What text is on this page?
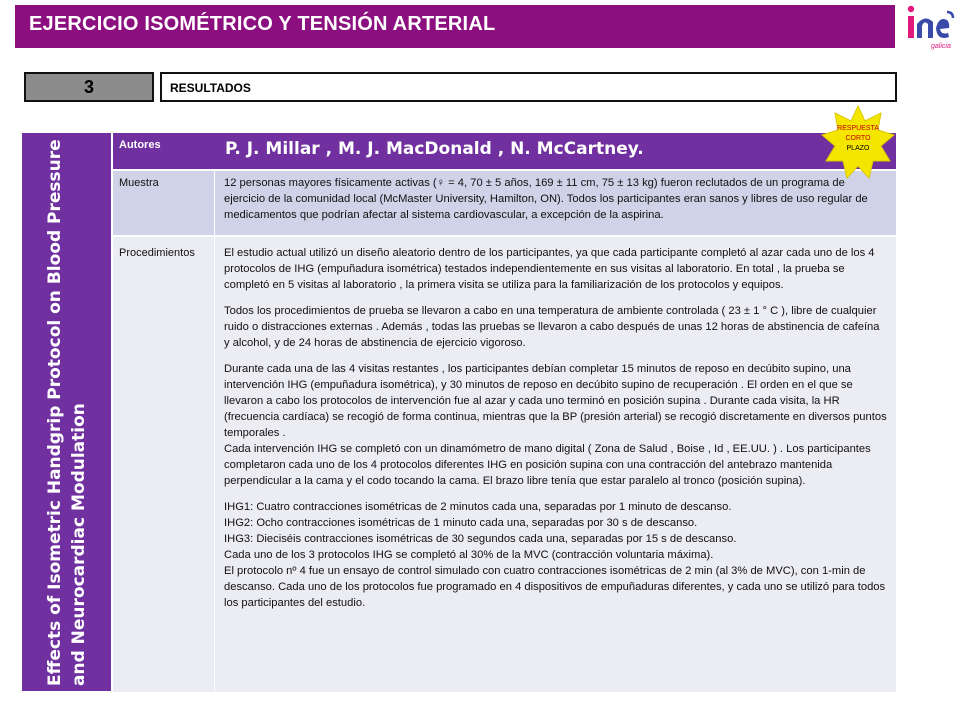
EJERCICIO ISOMÉTRICO Y TENSIÓN ARTERIAL
galicia
3	RESULTADOS
Effects of Isometric Handgrip Protocol on Blood Pressure and Neurocardiac Modulation
Autores	P. J. Millar , M. J. MacDonald , N. McCartney.
Muestra	12 personas mayores físicamente activas (♀ = 4, 70 ± 5 años, 169 ± 11 cm, 75 ± 13 kg) fueron reclutados de un programa de ejercicio de la comunidad local (McMaster University, Hamilton, ON). Todos los participantes eran sanos y libres de uso regular de medicamentos que podrían afectar al sistema cardiovascular, a excepción de la aspirina.
Procedimientos	El estudio actual utilizó un diseño aleatorio dentro de los participantes, ya que cada participante completó al azar cada uno de los 4 protocolos de IHG (empuñadura isométrica) testados independientemente en sus visitas al laboratorio. En total , la prueba se completó en 5 visitas al laboratorio , la primera visita se utiliza para la familiarización de los protocolos y equipos.

Todos los procedimientos de prueba se llevaron a cabo en una temperatura de ambiente controlada ( 23 ± 1 ° C ), libre de cualquier ruido o distracciones externas . Además , todas las pruebas se llevaron a cabo después de unas 12 horas de abstinencia de cafeína y alcohol, y de 24 horas de abstinencia de ejercicio vigoroso.

Durante cada una de las 4 visitas restantes , los participantes debían completar 15 minutos de reposo en decúbito supino, una intervención IHG (empuñadura isométrica), y 30 minutos de reposo en decúbito supino de recuperación . El orden en el que se llevaron a cabo los protocolos de intervención fue al azar y cada uno terminó en posición supina . Durante cada visita, la HR (frecuencia cardíaca) se recogió de forma continua, mientras que la BP (presión arterial) se recogió discretamente en diversos puntos temporales .

Cada intervención IHG se completó con un dinamómetro de mano digital ( Zona de Salud , Boise , Id , EE.UU. ) . Los participantes completaron cada uno de los 4 protocolos diferentes IHG en posición supina con una contracción del antebrazo mantenida perpendicular a la cama y el codo tocando la cama. El brazo libre tenía que estar paralelo al tronco (posición supina).

IHG1: Cuatro contracciones isométricas de 2 minutos cada una, separadas por 1 minuto de descanso.

IHG2: Ocho contracciones isométricas de 1 minuto cada una, separadas por 30 s de descanso.

IHG3: Dieciséis contracciones isométricas de 30 segundos cada una, separadas por 15 s de descanso.

Cada uno de los 3 protocolos IHG se completó al 30% de la MVC (contracción voluntaria máxima).

El protocolo nº 4 fue un ensayo de control simulado con cuatro contracciones isométricas de 2 min (al 3% de MVC), con 1-min de descanso. Cada uno de los protocolos fue programado en 4 dispositivos de empuñaduras diferentes, y cada uno se utilizó para todos los participantes del estudio.

RESPUESTA
CORTO
PLAZO
